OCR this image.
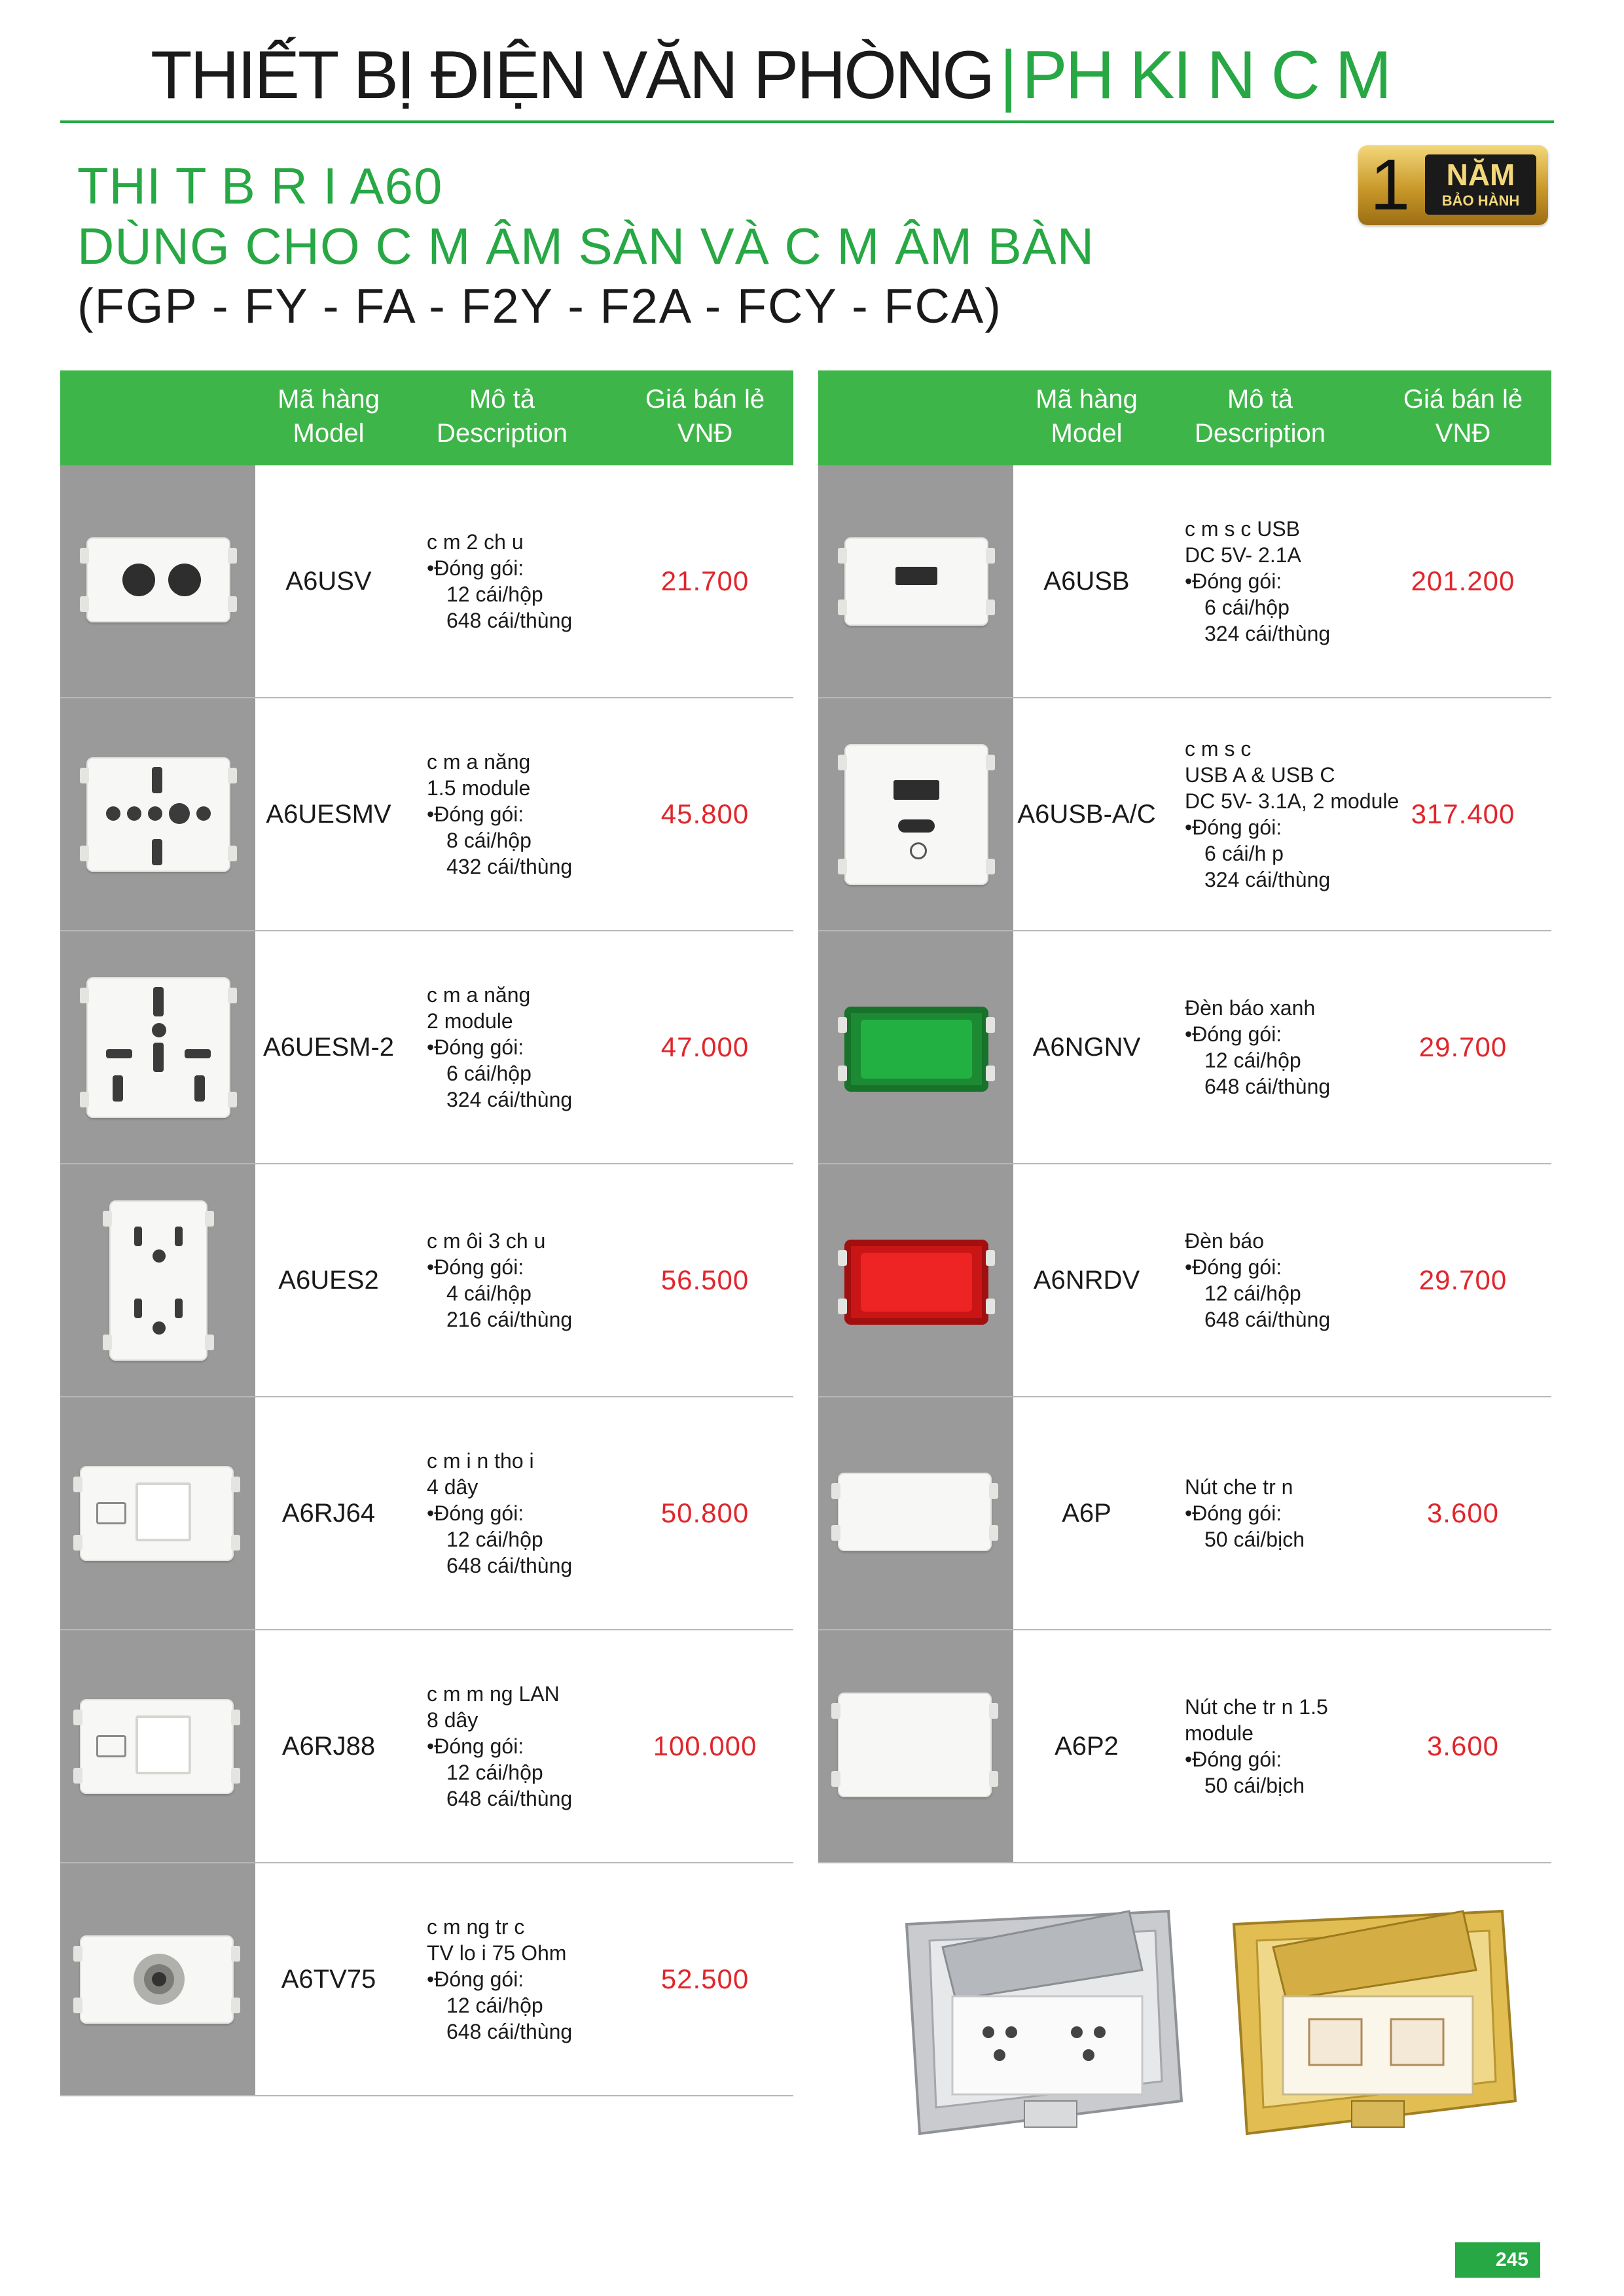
THIẾT BỊ ĐIỆN VĂN PHÒNG|PH KI N C M
THI T B R I A60
DÙNG CHO C M ÂM SÀN VÀ C M ÂM BÀN
(FGP - FY - FA - F2Y - F2A - FCY - FCA)
1	NĂM
BẢO HÀNH
Mã hàng
Model
Mô tả
Description
Giá bán lẻ
VNĐ
A6USV
c m 2 ch u
•Đóng gói:
12 cái/hộp
648 cái/thùng
21.700
A6UESMV
c m a năng
1.5 module
•Đóng gói:
8 cái/hộp
432 cái/thùng
45.800
A6UESM-2
c m a năng
2 module
•Đóng gói:
6 cái/hộp
324 cái/thùng
47.000
A6UES2
c m ôi 3 ch u
•Đóng gói:
4 cái/hộp
216 cái/thùng
56.500
A6RJ64
c m i n tho i
4 dây
•Đóng gói:
12 cái/hộp
648 cái/thùng
50.800
A6RJ88
c m m ng LAN
8 dây
•Đóng gói:
12 cái/hộp
648 cái/thùng
100.000
A6TV75
c m ng tr c
TV lo i 75 Ohm
•Đóng gói:
12 cái/hộp
648 cái/thùng
52.500
Mã hàng
Model
Mô tả
Description
Giá bán lẻ
VNĐ
A6USB
c m s c USB
DC 5V- 2.1A
•Đóng gói:
6 cái/hộp
324 cái/thùng
201.200
A6USB-A/C
c m s c
USB A & USB C
DC 5V- 3.1A, 2 module
•Đóng gói:
6 cái/h p
324 cái/thùng
317.400
A6NGNV
Đèn báo xanh
•Đóng gói:
12 cái/hộp
648 cái/thùng
29.700
A6NRDV
Đèn báo
•Đóng gói:
12 cái/hộp
648 cái/thùng
29.700
A6P
Nút che tr n
•Đóng gói:
50 cái/bịch
3.600
A6P2
Nút che tr n 1.5
module
•Đóng gói:
50 cái/bịch
3.600
245
